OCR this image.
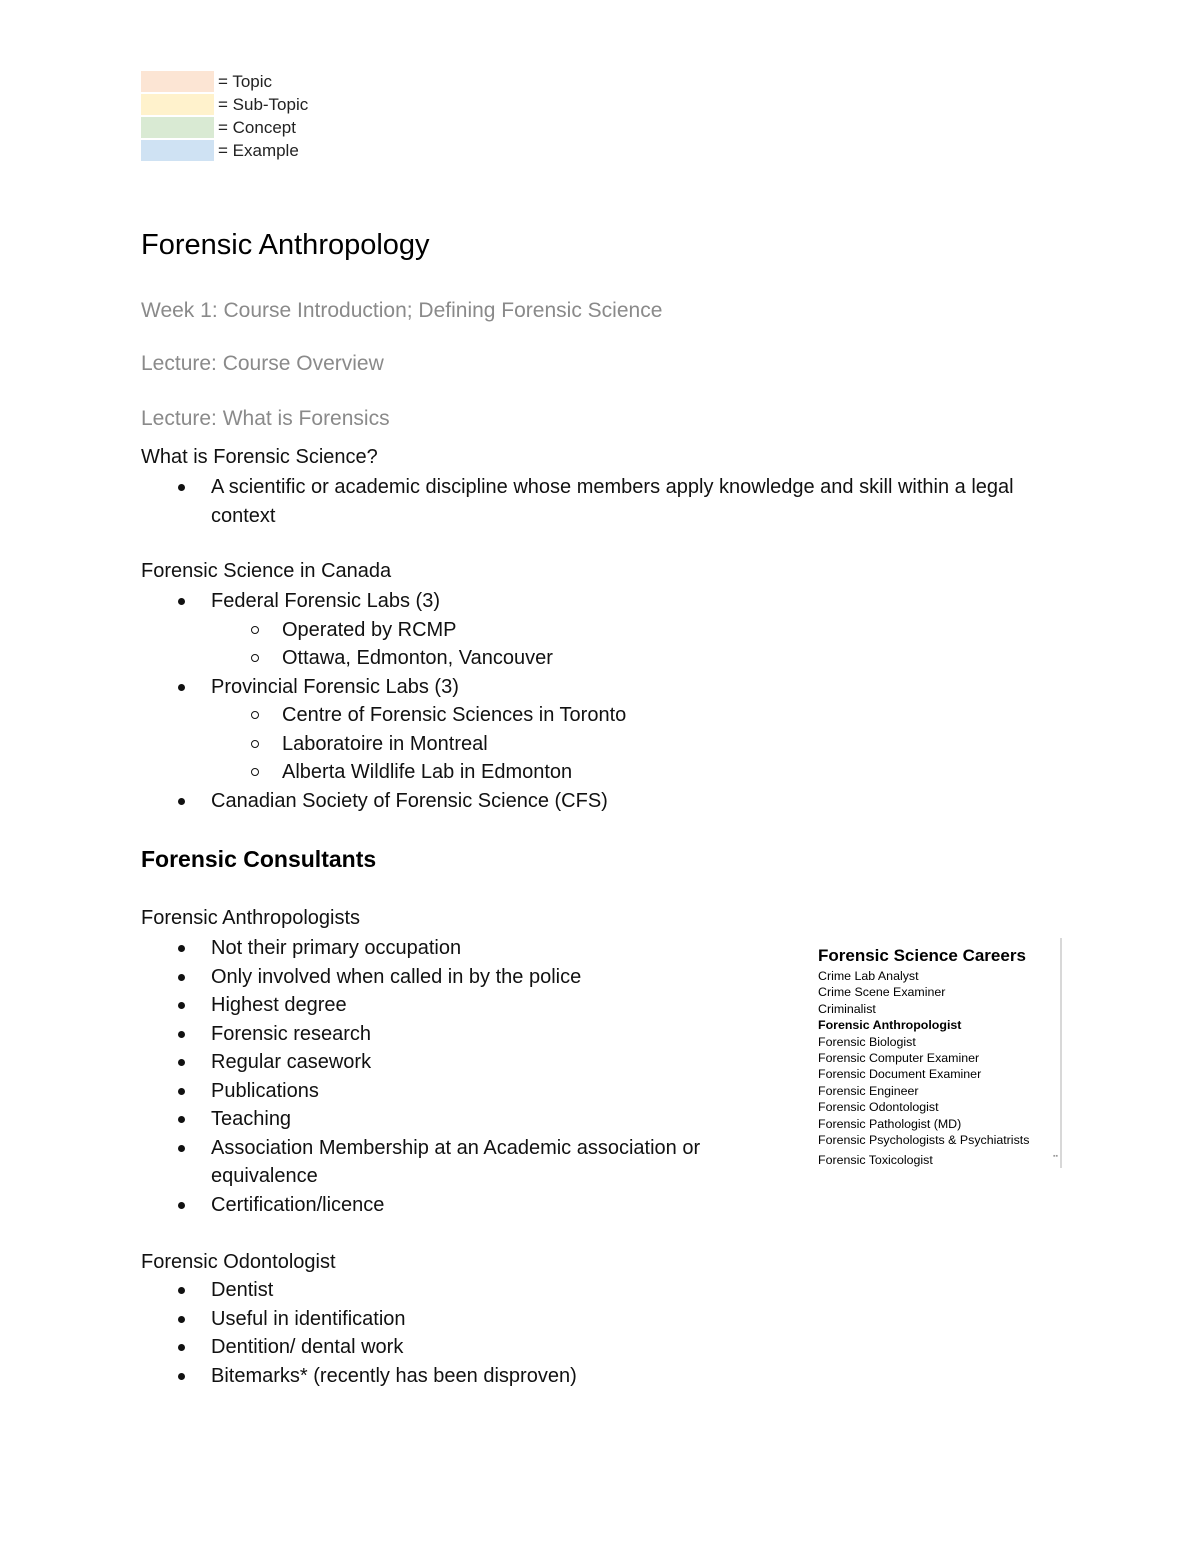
= Topic
= Sub-Topic
= Concept
= Example
Forensic Anthropology
Week 1: Course Introduction; Defining Forensic Science
Lecture: Course Overview
Lecture: What is Forensics
What is Forensic Science?
A scientific or academic discipline whose members apply knowledge and skill within a legal context
Forensic Science in Canada
Federal Forensic Labs (3)
Operated by RCMP
Ottawa, Edmonton, Vancouver
Provincial Forensic Labs (3)
Centre of Forensic Sciences in Toronto
Laboratoire in Montreal
Alberta Wildlife Lab in Edmonton
Canadian Society of Forensic Science (CFS)
Forensic Consultants
Forensic Anthropologists
Not their primary occupation
Only involved when called in by the police
Highest degree
Forensic research
Regular casework
Publications
Teaching
Association Membership at an Academic association or equivalence
Certification/licence
Forensic Odontologist
Dentist
Useful in identification
Dentition/ dental work
Bitemarks* (recently has been disproven)
Forensic Science Careers
Crime Lab Analyst
Crime Scene Examiner
Criminalist
Forensic Anthropologist
Forensic Biologist
Forensic Computer Examiner
Forensic Document Examiner
Forensic Engineer
Forensic Odontologist
Forensic Pathologist (MD)
Forensic Psychologists & Psychiatrists
Forensic Toxicologist	▪▪
